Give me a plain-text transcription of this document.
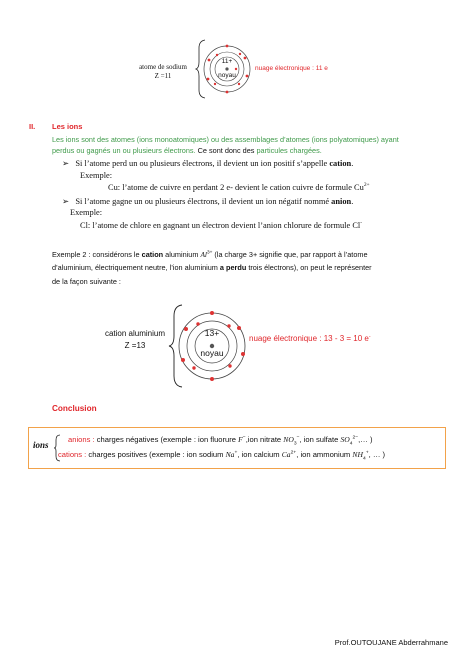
atome de sodium
Z =11
11+
noyau
nuage électronique : 11 e
II. Les ions
Les ions sont des atomes (ions monoatomiques) ou des assemblages d’atomes (ions polyatomiques) ayant
perdus ou gagnés un ou plusieurs électrons. Ce sont donc des particules chargées.
➢ Si l’atome perd un ou plusieurs électrons, il devient un ion positif s’appelle cation.
Exemple:
Cu: l’atome de cuivre en perdant 2 e- devient le cation cuivre de formule $Cu^{2+}$
➢ Si l’atome gagne un ou plusieurs électrons, il devient un ion négatif nommé anion.
Exemple:
Cl: l’atome de chlore en gagnant un électron devient l’anion chlorure de formule Cl-
Exemple 2 : considérons le cation aluminium $Al^{3+}$ (la charge 3+ signifie que, par rapport à l’atome
d’aluminium, électriquement neutre, l’ion aluminium a perdu trois électrons), on peut le représenter
de la façon suivante :
cation aluminium
Z =13
13+
noyau
nuage électronique : 13 - 3 = 10 e-
Conclusion
ions
anions : charges négatives (exemple : ion fluorure F−,ion nitrate $NO_3^-$, ion sulfate $SO_4^{2-},\dots$ )
cations : charges positives (exemple : ion sodium Na+, ion calcium $Ca^{2+}$, ion ammonium $NH_4^+$, … )
Prof.OUTOUJANE Abderrahmane
